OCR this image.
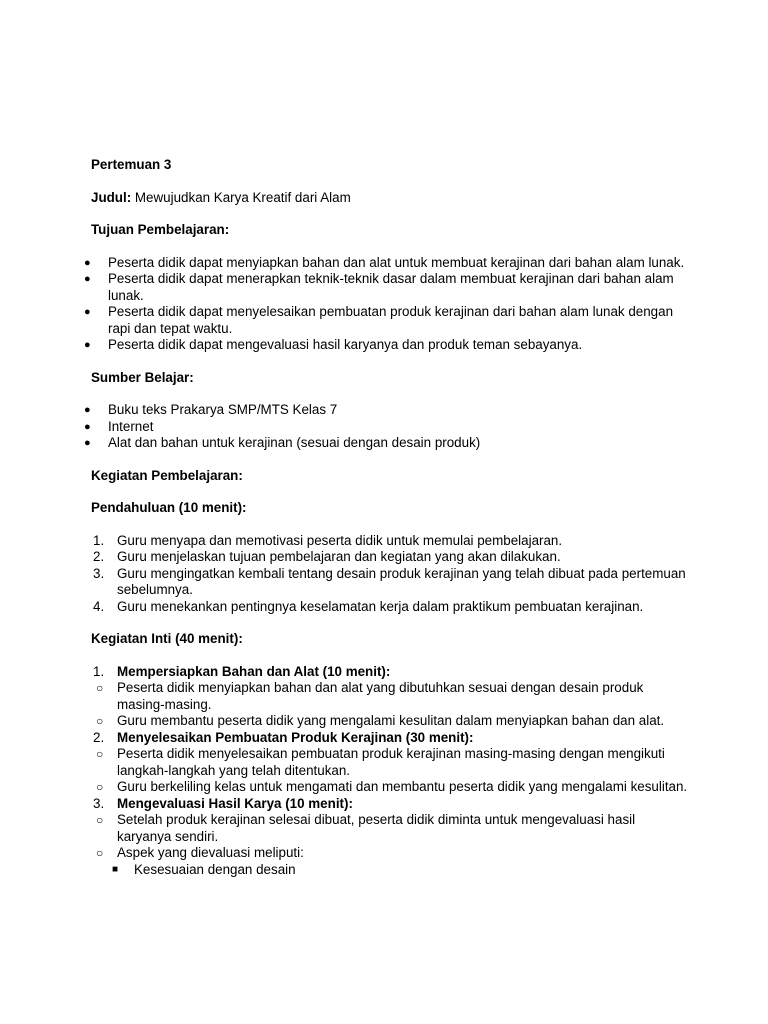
Pertemuan 3

Judul: Mewujudkan Karya Kreatif dari Alam

Tujuan Pembelajaran:

● Peserta didik dapat menyiapkan bahan dan alat untuk membuat kerajinan dari bahan alam lunak.
● Peserta didik dapat menerapkan teknik-teknik dasar dalam membuat kerajinan dari bahan alam lunak.
● Peserta didik dapat menyelesaikan pembuatan produk kerajinan dari bahan alam lunak dengan rapi dan tepat waktu.
● Peserta didik dapat mengevaluasi hasil karyanya dan produk teman sebayanya.

Sumber Belajar:

● Buku teks Prakarya SMP/MTS Kelas 7
● Internet
● Alat dan bahan untuk kerajinan (sesuai dengan desain produk)

Kegiatan Pembelajaran:

Pendahuluan (10 menit):

1. Guru menyapa dan memotivasi peserta didik untuk memulai pembelajaran.
2. Guru menjelaskan tujuan pembelajaran dan kegiatan yang akan dilakukan.
3. Guru mengingatkan kembali tentang desain produk kerajinan yang telah dibuat pada pertemuan sebelumnya.
4. Guru menekankan pentingnya keselamatan kerja dalam praktikum pembuatan kerajinan.

Kegiatan Inti (40 menit):

1. Mempersiapkan Bahan dan Alat (10 menit):
○ Peserta didik menyiapkan bahan dan alat yang dibutuhkan sesuai dengan desain produk masing-masing.
○ Guru membantu peserta didik yang mengalami kesulitan dalam menyiapkan bahan dan alat.
2. Menyelesaikan Pembuatan Produk Kerajinan (30 menit):
○ Peserta didik menyelesaikan pembuatan produk kerajinan masing-masing dengan mengikuti langkah-langkah yang telah ditentukan.
○ Guru berkeliling kelas untuk mengamati dan membantu peserta didik yang mengalami kesulitan.
3. Mengevaluasi Hasil Karya (10 menit):
○ Setelah produk kerajinan selesai dibuat, peserta didik diminta untuk mengevaluasi hasil karyanya sendiri.
○ Aspek yang dievaluasi meliputi:
■ Kesesuaian dengan desain
